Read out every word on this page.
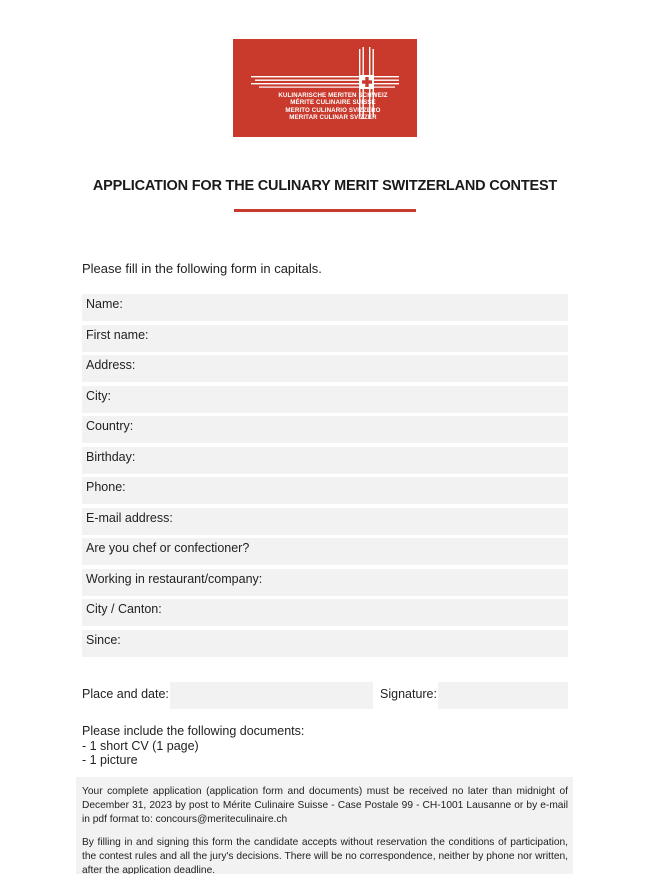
KULINARISCHE MERITEN SCHWEIZ
MÉRITE CULINAIRE SUISSE
MERITO CULINARIO SVIZZERO
MERITAR CULINAR SVIZZER
APPLICATION FOR THE CULINARY MERIT SWITZERLAND CONTEST

Please fill in the following form in capitals.

Name:
First name:
Address:
City:
Country:
Birthday:
Phone:
E-mail address:
Are you chef or confectioner?
Working in restaurant/company:
City / Canton:
Since:
Place and date:	Signature:
Please include the following documents:
- 1 short CV (1 page)
- 1 picture

Your complete application (application form and documents) must be received no later than midnight of December 31, 2023 by post to Mérite Culinaire Suisse - Case Postale 99 - CH-1001 Lausanne or by e-mail in pdf format to: concours@meriteculinaire.ch

By filling in and signing this form the candidate accepts without reservation the conditions of participation, the contest rules and all the jury's decisions. There will be no correspondence, neither by phone nor written, after the application deadline.
